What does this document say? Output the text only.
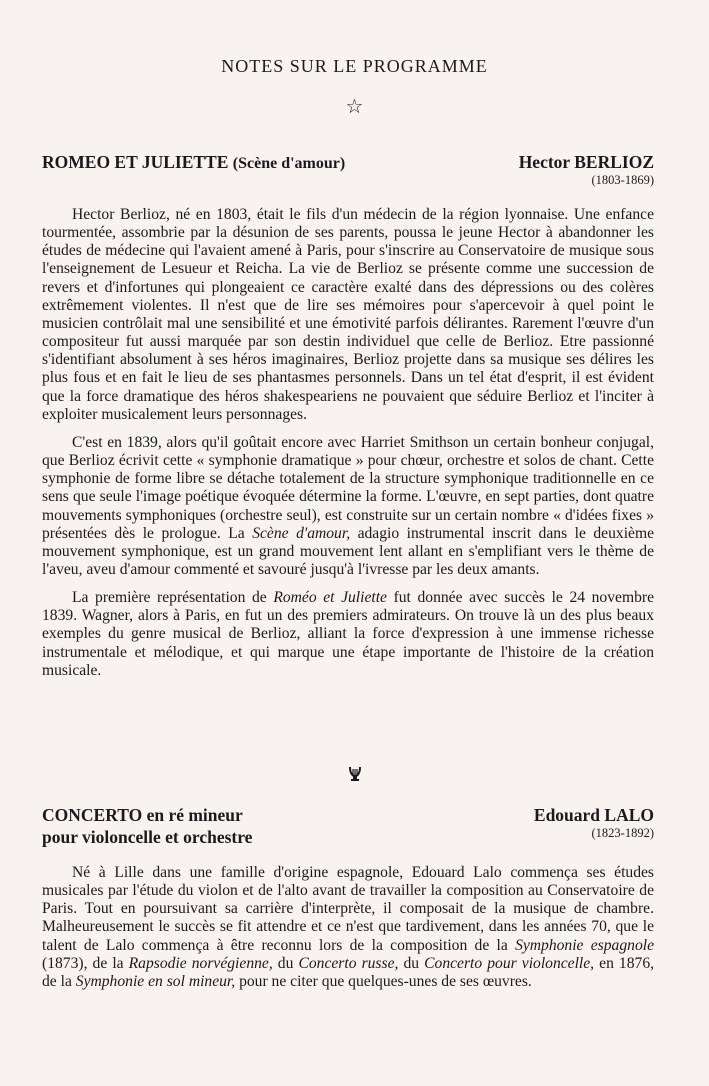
NOTES SUR LE PROGRAMME
☆
ROMEO ET JULIETTE (Scène d'amour)	Hector BERLIOZ
(1803-1869)

Hector Berlioz, né en 1803, était le fils d'un médecin de la région lyonnaise. Une enfance tourmentée, assombrie par la désunion de ses parents, poussa le jeune Hector à abandonner les études de médecine qui l'avaient amené à Paris, pour s'inscrire au Conservatoire de musique sous l'enseignement de Lesueur et Reicha. La vie de Berlioz se présente comme une succession de revers et d'infortunes qui plongeaient ce caractère exalté dans des dépressions ou des colères extrêmement violentes. Il n'est que de lire ses mémoires pour s'apercevoir à quel point le musicien contrôlait mal une sensibilité et une émotivité parfois délirantes. Rarement l'œuvre d'un compositeur fut aussi marquée par son destin individuel que celle de Berlioz. Etre passionné s'identifiant absolument à ses héros imaginaires, Berlioz projette dans sa musique ses délires les plus fous et en fait le lieu de ses phantasmes personnels. Dans un tel état d'esprit, il est évident que la force dramatique des héros shakespeariens ne pouvaient que séduire Berlioz et l'inciter à exploiter musicalement leurs personnages.

C'est en 1839, alors qu'il goûtait encore avec Harriet Smithson un certain bonheur conjugal, que Berlioz écrivit cette « symphonie dramatique » pour chœur, orchestre et solos de chant. Cette symphonie de forme libre se détache totalement de la structure symphonique traditionnelle en ce sens que seule l'image poétique évoquée détermine la forme. L'œuvre, en sept parties, dont quatre mouvements symphoniques (orchestre seul), est construite sur un certain nombre « d'idées fixes » présentées dès le prologue. La Scène d'amour, adagio instrumental inscrit dans le deuxième mouvement symphonique, est un grand mouvement lent allant en s'emplifiant vers le thème de l'aveu, aveu d'amour commenté et savouré jusqu'à l'ivresse par les deux amants.

La première représentation de Roméo et Juliette fut donnée avec succès le 24 novembre 1839. Wagner, alors à Paris, en fut un des premiers admirateurs. On trouve là un des plus beaux exemples du genre musical de Berlioz, alliant la force d'expression à une immense richesse instrumentale et mélodique, et qui marque une étape importante de l'histoire de la création musicale.

CONCERTO en ré mineur
pour violoncelle et orchestre
Edouard LALO
(1823-1892)

Né à Lille dans une famille d'origine espagnole, Edouard Lalo commença ses études musicales par l'étude du violon et de l'alto avant de travailler la composition au Conservatoire de Paris. Tout en poursuivant sa carrière d'interprète, il composait de la musique de chambre. Malheureusement le succès se fit attendre et ce n'est que tardivement, dans les années 70, que le talent de Lalo commença à être reconnu lors de la composition de la Symphonie espagnole (1873), de la Rapsodie norvégienne, du Concerto russe, du Concerto pour violoncelle, en 1876, de la Symphonie en sol mineur, pour ne citer que quelques-unes de ses œuvres.
